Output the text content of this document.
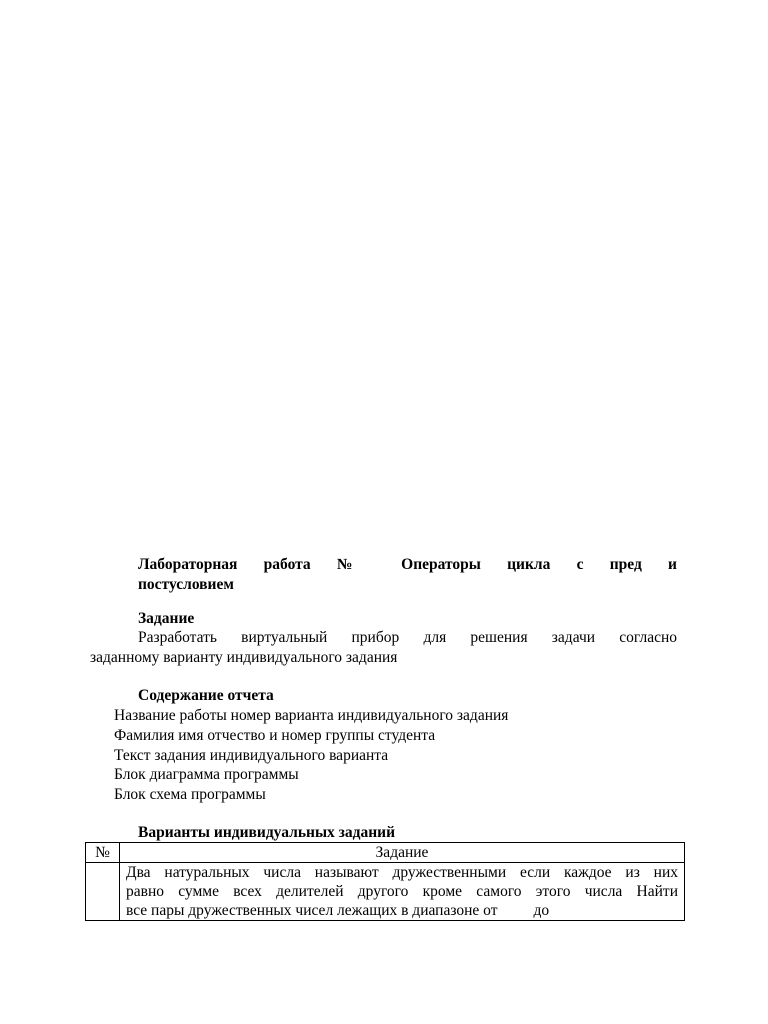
Лабораторная работа № Операторы цикла с пред и
постусловием
Задание
Разработать виртуальный прибор для решения задачи согласно
заданному варианту индивидуального задания
Содержание отчета
Название работы номер варианта индивидуального задания
Фамилия имя отчество и номер группы студента
Текст задания индивидуального варианта
Блок диаграмма программы
Блок схема программы
Варианты индивидуальных заданий
№	Задание

	Два натуральных числа называют дружественными если каждое из них
равно сумме всех делителей другого кроме самого этого числа Найти
все пары дружественных чисел лежащих в диапазоне от до
